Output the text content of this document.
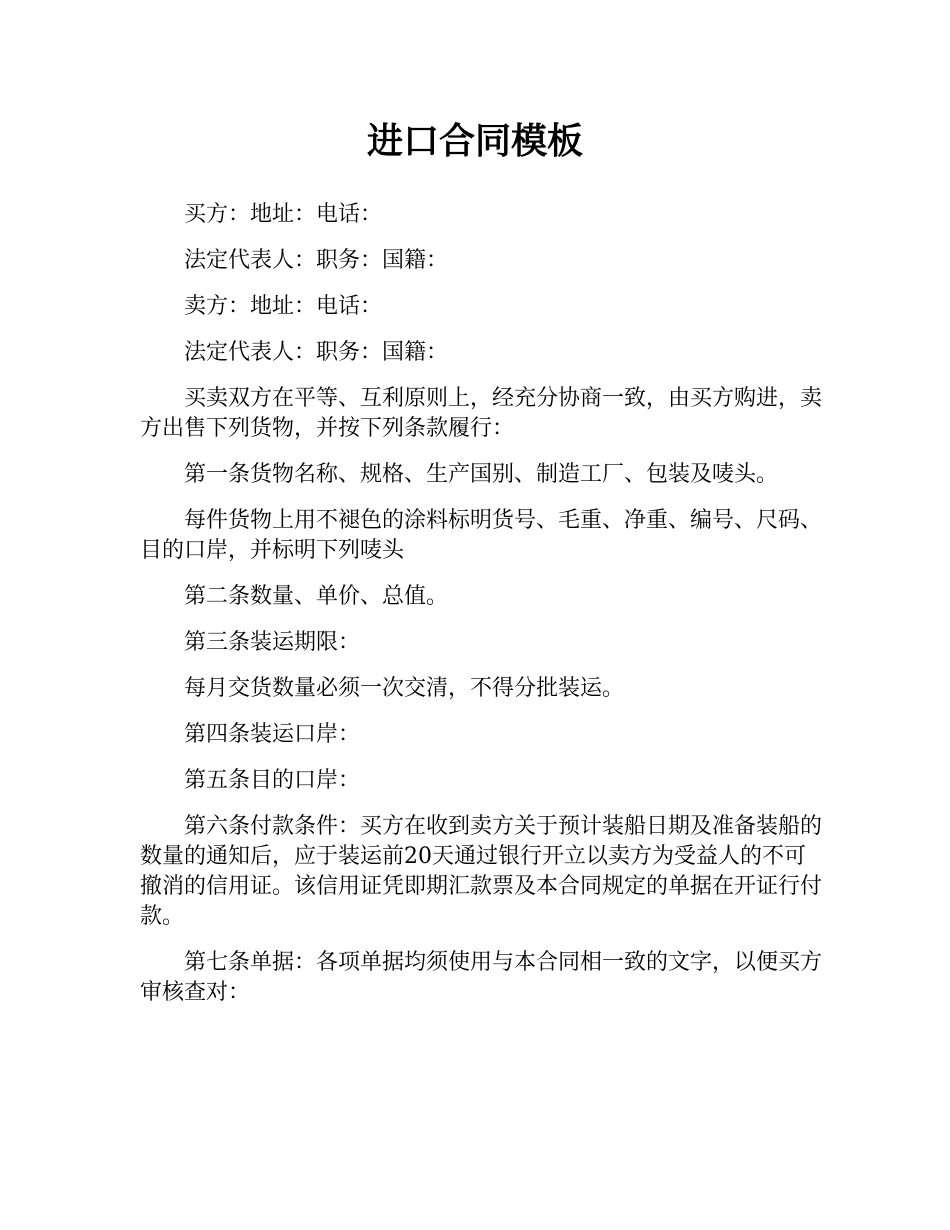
进口合同模板

买方：地址：电话：

法定代表人：职务：国籍：

卖方：地址：电话：

法定代表人：职务：国籍：

买卖双方在平等、互利原则上，经充分协商一致，由买方购进，卖方出售下列货物，并按下列条款履行：

第一条货物名称、规格、生产国别、制造工厂、包装及唛头。

每件货物上用不褪色的涂料标明货号、毛重、净重、编号、尺码、目的口岸，并标明下列唛头

第二条数量、单价、总值。

第三条装运期限：

每月交货数量必须一次交清，不得分批装运。

第四条装运口岸：

第五条目的口岸：

第六条付款条件：买方在收到卖方关于预计装船日期及准备装船的数量的通知后，应于装运前20天通过银行开立以卖方为受益人的不可撤消的信用证。该信用证凭即期汇款票及本合同规定的单据在开证行付款。

第七条单据：各项单据均须使用与本合同相一致的文字，以便买方审核查对：
